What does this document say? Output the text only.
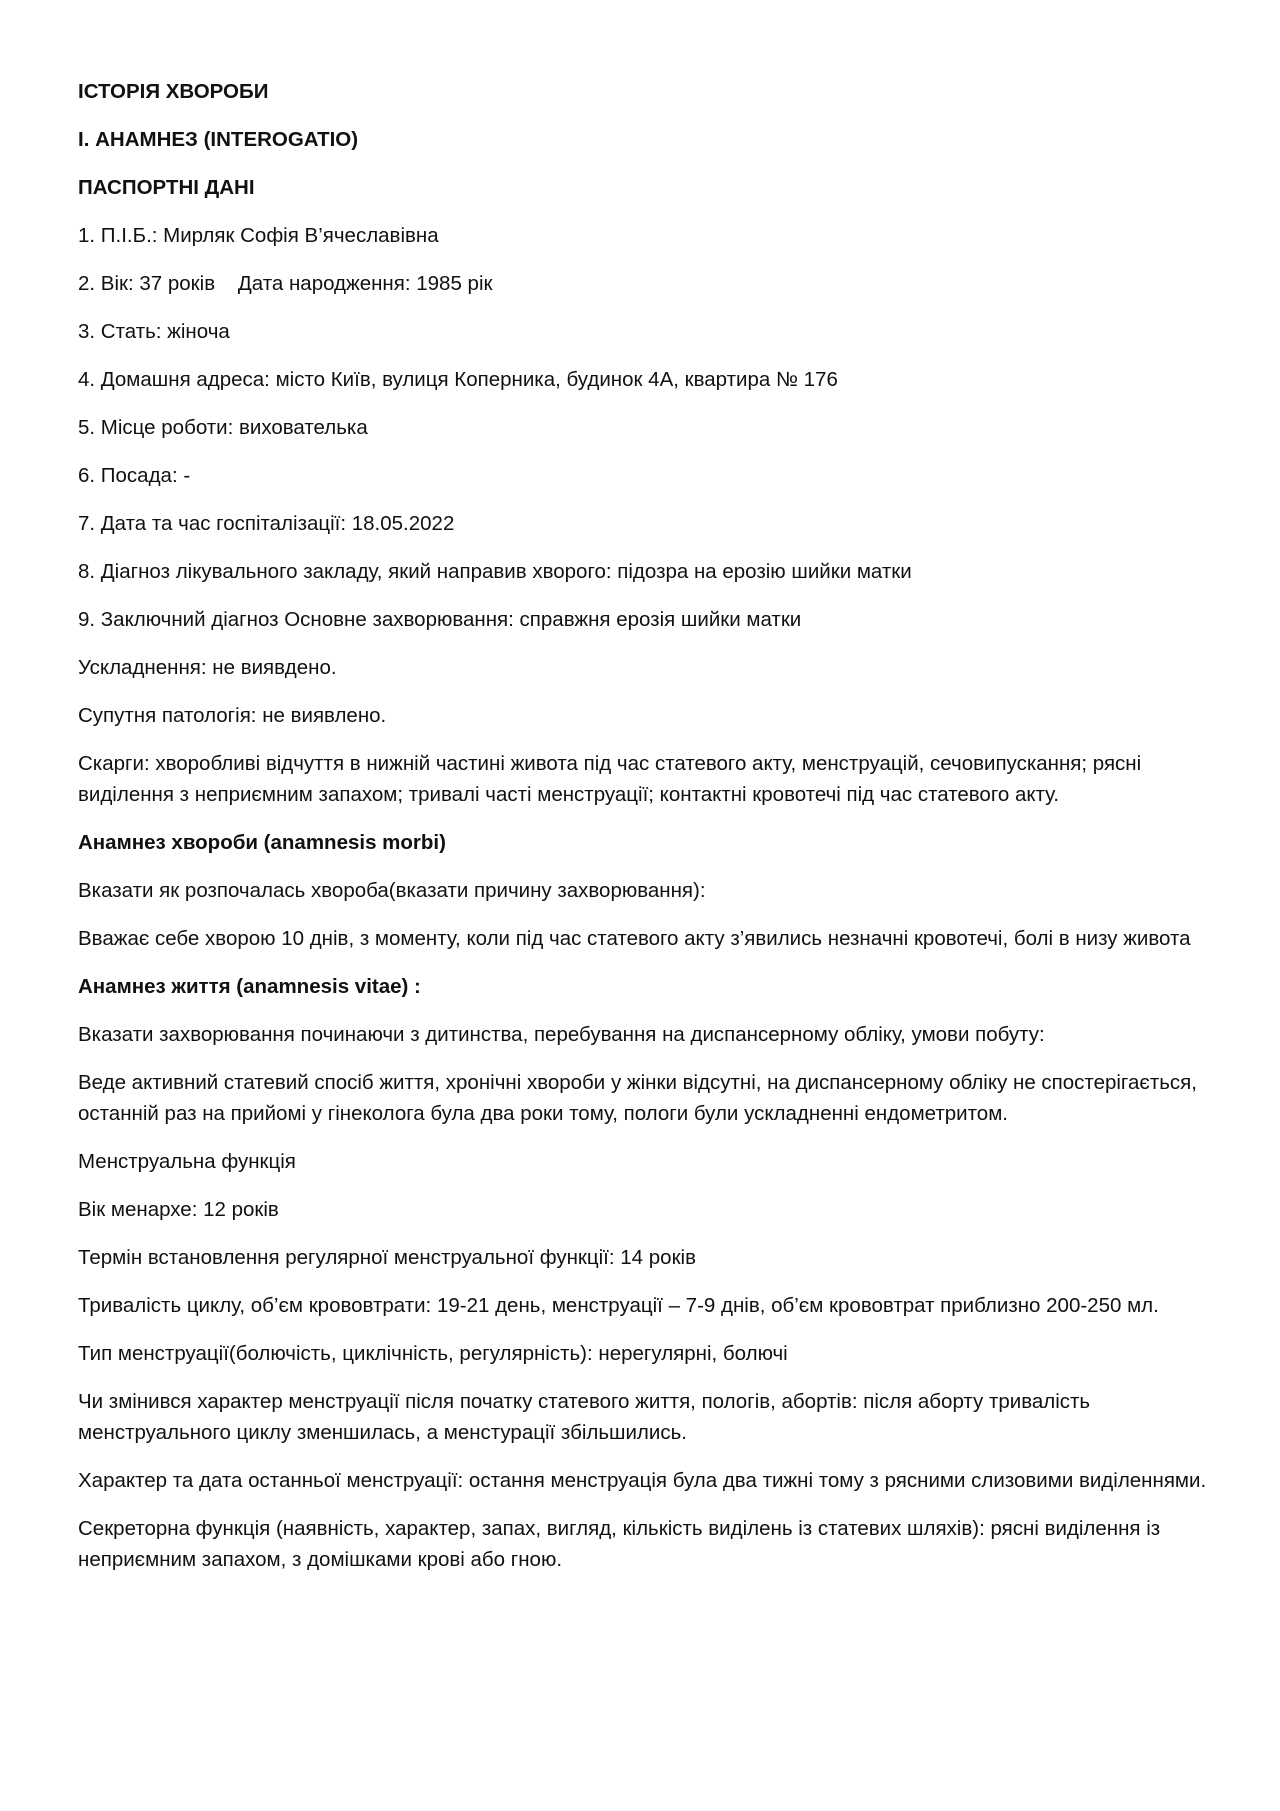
ІСТОРІЯ ХВОРОБИ

І. АНАМНЕЗ (INTEROGATIO)

ПАСПОРТНІ ДАНІ

1. П.І.Б.: Мирляк Софія В’ячеславівна

2. Вік: 37 років    Дата народження: 1985 рік

3. Стать: жіноча

4. Домашня адреса: місто Київ, вулиця Коперника, будинок 4А, квартира № 176

5. Місце роботи: вихователька

6. Посада: -

7. Дата та час госпіталізації: 18.05.2022

8. Діагноз лікувального закладу, який направив хворого: підозра на ерозію шийки матки

9. Заключний діагноз Основне захворювання: справжня ерозія шийки матки

Ускладнення: не виявдено.

Супутня патологія: не виявлено.

Скарги: хворобливі відчуття в нижній частині живота під час статевого акту, менструацій, сечовипускання; рясні виділення з неприємним запахом; тривалі часті менструації; контактні кровотечі під час статевого акту.

Анамнез хвороби (anamnesis morbi)

Вказати як розпочалась хвороба(вказати причину захворювання):

Вважає себе хворою 10 днів, з моменту, коли під час статевого акту з’явились незначні кровотечі, болі в низу живота

Анамнез життя (anamnesis vitae) :

Вказати захворювання починаючи з дитинства, перебування на диспансерному обліку, умови побуту:

Веде активний статевий спосіб життя, хронічні хвороби у жінки відсутні, на диспансерному обліку не спостерігається, останній раз на прийомі у гінеколога була два роки тому, пологи були ускладненні ендометритом.

Менструальна функція

Вік менархе: 12 років

Термін встановлення регулярної менструальної функції: 14 років

Тривалість циклу, об’єм крововтрати: 19-21 день, менструації – 7-9 днів, об’єм крововтрат приблизно 200-250 мл.

Тип менструації(болючість, циклічність, регулярність): нерегулярні, болючі

Чи змінився характер менструації після початку статевого життя, пологів, абортів: після аборту тривалість менструального циклу зменшилась, а менстурації збільшились.

Характер та дата останньої менструації: остання менструація була два тижні тому з рясними слизовими виділеннями.

Секреторна функція (наявність, характер, запах, вигляд, кількість виділень із статевих шляхів): рясні виділення із неприємним запахом, з домішками крові або гною.
